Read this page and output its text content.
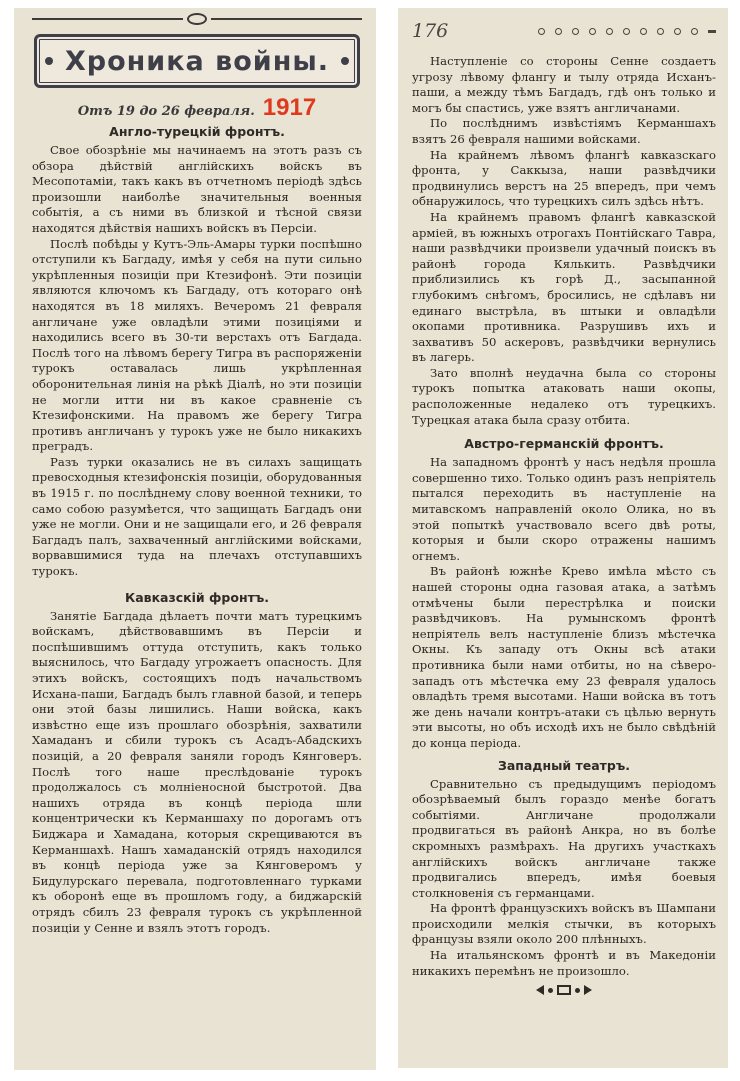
Хроника войны.
Отъ 19 до 26 февраля. 1917
Англо-турецкій фронтъ.

Свое обозрѣніе мы начинаемъ на этотъ разъ съ обзора дѣйствій англійскихъ войскъ въ Месопотамiи, такъ какъ въ отчетномъ періодѣ здѣсь произошли наиболѣе значительныя военныя событія, а съ ними въ близкой и тѣсной связи находятся дѣйствія нашихъ войскъ въ Персіи.

Послѣ побѣды у Кутъ-Эль-Амары турки поспѣшно отступили къ Багдаду, имѣя у себя на пути сильно укрѣпленныя позиціи при Ктезифонѣ. Эти позиціи являются ключомъ къ Багдаду, отъ котораго онѣ находятся въ 18 миляхъ. Вечеромъ 21 февраля англичане уже овладѣли этими позиціями и находились всего въ 30-ти верстахъ отъ Багдада. Послѣ того на лѣвомъ берегу Тигра въ распоряженіи турокъ оставалась лишь укрѣпленная оборонительная линія на рѣкѣ Діалѣ, но эти позиціи не могли итти ни въ какое сравненіе съ Ктезифонскими. На правомъ же берегу Тигра противъ англичанъ у турокъ уже не было никакихъ преградъ.

Разъ турки оказались не въ силахъ защищать превосходныя ктезифонскія позиціи, оборудованныя въ 1915 г. по послѣднему слову военной техники, то само собою разумѣется, что защищать Багдадъ они уже не могли. Они и не защищали его, и 26 февраля Багдадъ палъ, захваченный англійскими войсками, ворвавшимися туда на плечахъ отступавшихъ турокъ.

Кавказскій фронтъ.

Занятіе Багдада дѣлаетъ почти матъ турецкимъ войскамъ, дѣйствовавшимъ въ Персіи и поспѣшившимъ оттуда отступить, какъ только выяснилось, что Багдаду угрожаетъ опасность. Для этихъ войскъ, состоящихъ подъ начальствомъ Исхана-паши, Багдадъ былъ главной базой, и теперь они этой базы лишились. Наши войска, какъ извѣстно еще изъ прошлаго обозрѣнія, захватили Хамаданъ и сбили турокъ съ Асадъ-Абадскихъ позицій, а 20 февраля заняли городъ Кянговеръ. Послѣ того наше преслѣдованіе турокъ продолжалось съ молніеносной быстротой. Два нашихъ отряда въ концѣ періода шли концентрически къ Керманшаху по дорогамъ отъ Биджара и Хамадана, которыя скрещиваются въ Керманшахѣ. Нашъ хамаданскій отрядъ находился въ концѣ періода уже за Кянговеромъ у Бидулурскаго перевала, подготовленнаго турками къ оборонѣ еще въ прошломъ году, а биджарскій отрядъ сбилъ 23 февраля турокъ съ укрѣпленной позиціи у Сенне и взялъ этотъ городъ.

176

Наступленіе со стороны Сенне создаетъ угрозу лѣвому флангу и тылу отряда Исханъ-паши, а между тѣмъ Багдадъ, гдѣ онъ только и могъ бы спастись, уже взятъ англичанами.

По послѣднимъ извѣстіямъ Керманшахъ взятъ 26 февраля нашими войсками.

На крайнемъ лѣвомъ флангѣ кавказскаго фронта, у Саккыза, наши развѣдчики продвинулись верстъ на 25 впередъ, при чемъ обнаружилось, что турецкихъ силъ здѣсь нѣтъ.

На крайнемъ правомъ флангѣ кавказской арміей, въ южныхъ отрогахъ Понтійскаго Тавра, наши развѣдчики произвели удачный поискъ въ районѣ города Кялькить. Развѣдчики приблизились къ горѣ Д., засыпанной глубокимъ снѣгомъ, бросились, не сдѣлавъ ни единаго выстрѣла, въ штыки и овладѣли окопами противника. Разрушивъ ихъ и захвативъ 50 аскеровъ, развѣдчики вернулись въ лагерь.

Зато вполнѣ неудачна была со стороны турокъ попытка атаковать наши окопы, расположенные недалеко отъ турецкихъ. Турецкая атака была сразу отбита.

Австро-германскій фронтъ.

На западномъ фронтѣ у насъ недѣля прошла совершенно тихо. Только одинъ разъ непріятель пытался переходить въ наступленіе на митавскомъ направленій около Олика, но въ этой попыткѣ участвовало всего двѣ роты, которыя и были скоро отражены нашимъ огнемъ.

Въ районѣ южнѣе Крево имѣла мѣсто съ нашей стороны одна газовая атака, а затѣмъ отмѣчены были перестрѣлка и поиски развѣдчиковъ. На румынскомъ фронтѣ непріятель велъ наступленіе близъ мѣстечка Окны. Къ западу отъ Окны всѣ атаки противника были нами отбиты, но на сѣверо-западъ отъ мѣстечка ему 23 февраля удалось овладѣть тремя высотами. Наши войска въ тотъ же день начали контръ-атаки съ цѣлью вернуть эти высоты, но объ исходѣ ихъ не было свѣдѣній до конца періода.

Западный театръ.

Сравнительно съ предыдущимъ періодомъ обозрѣваемый былъ гораздо менѣе богатъ событіями. Англичане продолжали продвигаться въ районѣ Анкра, но въ болѣе скромныхъ размѣрахъ. На другихъ участкахъ англійскихъ войскъ англичане также продвигались впередъ, имѣя боевыя столкновенія съ германцами.

На фронтѣ французскихъ войскъ въ Шампани происходили мелкія стычки, въ которыхъ французы взяли около 200 плѣнныхъ.

На итальянскомъ фронтѣ и въ Македоніи никакихъ перемѣнъ не произошло.
